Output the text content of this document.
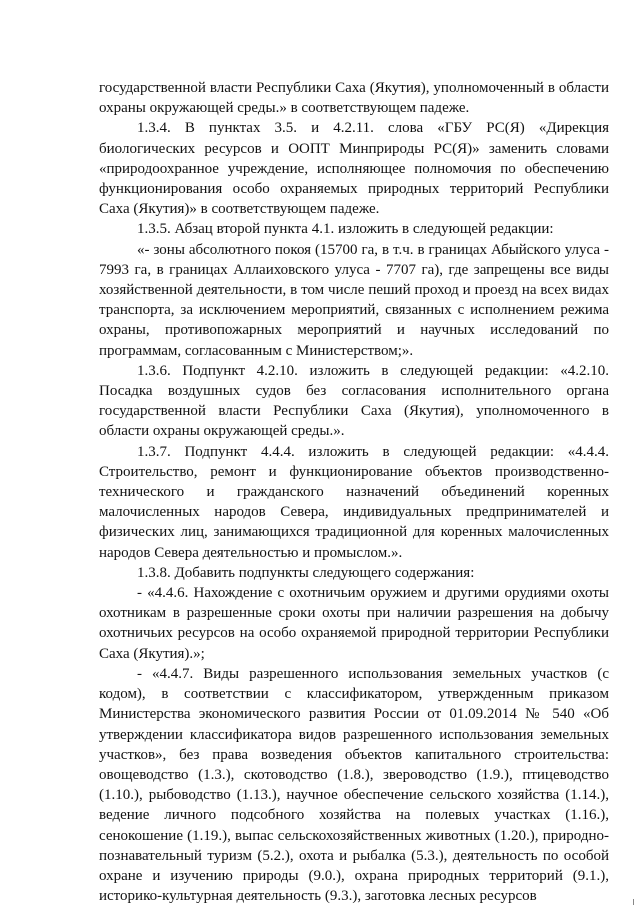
государственной власти Республики Саха (Якутия), уполномоченный в области охраны окружающей среды.» в соответствующем падеже.

1.3.4. В пунктах 3.5. и 4.2.11. слова «ГБУ РС(Я) «Дирекция биологических ресурсов и ООПТ Минприроды РС(Я)» заменить словами «природоохранное учреждение, исполняющее полномочия по обеспечению функционирования особо охраняемых природных территорий Республики Саха (Якутия)» в соответствующем падеже.

1.3.5. Абзац второй пункта 4.1. изложить в следующей редакции:

«- зоны абсолютного покоя (15700 га, в т.ч. в границах Абыйского улуса - 7993 га, в границах Аллаиховского улуса - 7707 га), где запрещены все виды хозяйственной деятельности, в том числе пеший проход и проезд на всех видах транспорта, за исключением мероприятий, связанных с исполнением режима охраны, противопожарных мероприятий и научных исследований по программам, согласованным с Министерством;».

1.3.6. Подпункт 4.2.10. изложить в следующей редакции: «4.2.10. Посадка воздушных судов без согласования исполнительного органа государственной власти Республики Саха (Якутия), уполномоченного в области охраны окружающей среды.».

1.3.7. Подпункт 4.4.4. изложить в следующей редакции: «4.4.4. Строительство, ремонт и функционирование объектов производственно-технического и гражданского назначений объединений коренных малочисленных народов Севера, индивидуальных предпринимателей и физических лиц, занимающихся традиционной для коренных малочисленных народов Севера деятельностью и промыслом.».

1.3.8. Добавить подпункты следующего содержания:

- «4.4.6. Нахождение с охотничьим оружием и другими орудиями охоты охотникам в разрешенные сроки охоты при наличии разрешения на добычу охотничьих ресурсов на особо охраняемой природной территории Республики Саха (Якутия).»;

- «4.4.7. Виды разрешенного использования земельных участков (с кодом), в соответствии с классификатором, утвержденным приказом Министерства экономического развития России от 01.09.2014 № 540 «Об утверждении классификатора видов разрешенного использования земельных участков», без права возведения объектов капитального строительства: овощеводство (1.3.), скотоводство (1.8.), звероводство (1.9.), птицеводство (1.10.), рыбоводство (1.13.), научное обеспечение сельского хозяйства (1.14.), ведение личного подсобного хозяйства на полевых участках (1.16.), сенокошение (1.19.), выпас сельскохозяйственных животных (1.20.), природно-познавательный туризм (5.2.), охота и рыбалка (5.3.), деятельность по особой охране и изучению природы (9.0.), охрана природных территорий (9.1.), историко-культурная деятельность (9.3.), заготовка лесных ресурсов
